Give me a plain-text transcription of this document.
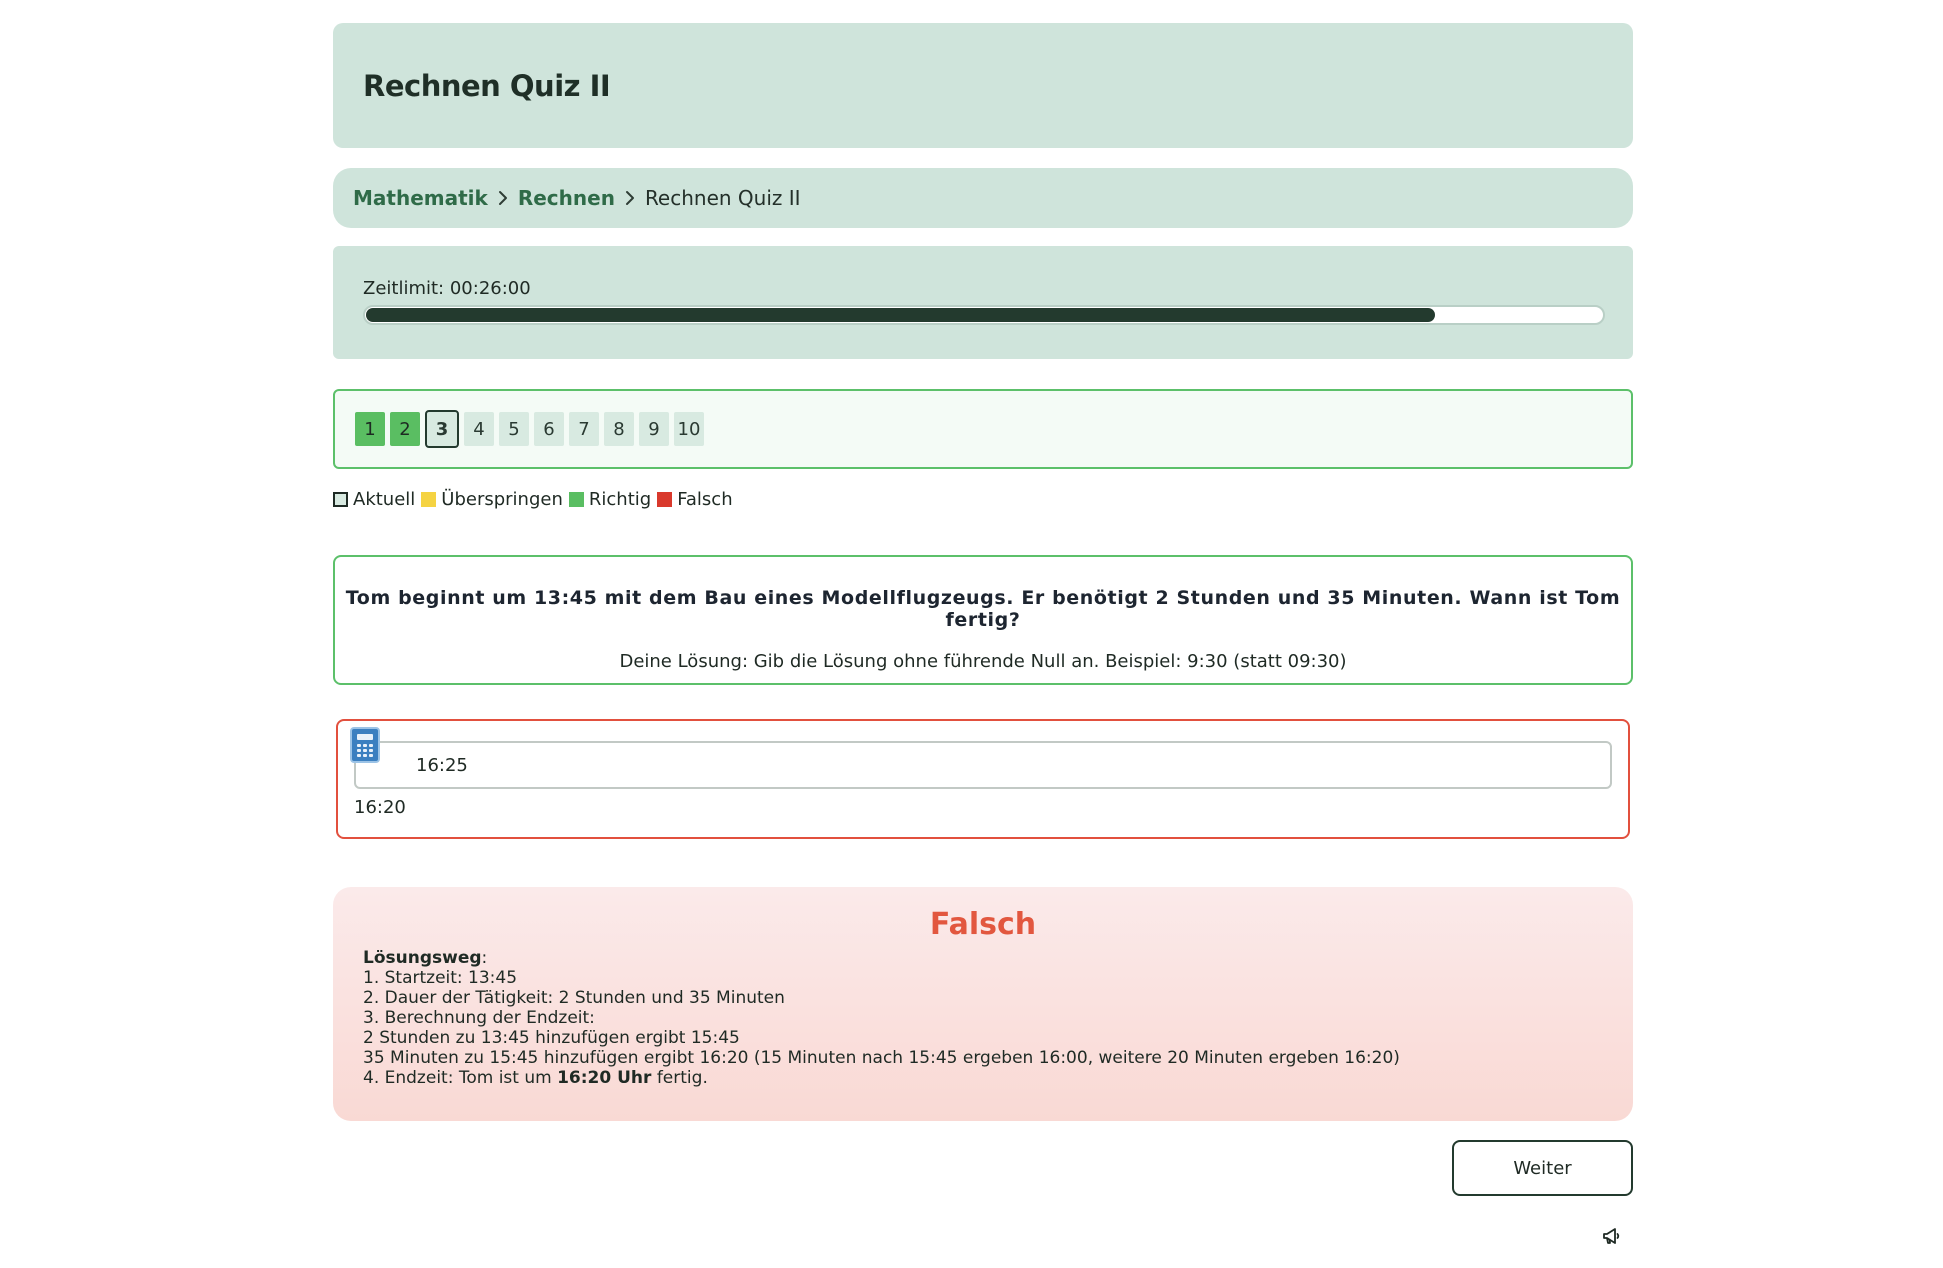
Rechnen Quiz II
Mathematik Rechnen Rechnen Quiz II
Zeitlimit: 00:26:00
1	2	3	4	5	6	7	8	9 10
Aktuell Überspringen Richtig Falsch
Tom beginnt um 13:45 mit dem Bau eines Modellflugzeugs. Er benötigt 2 Stunden und 35 Minuten. Wann ist Tom fertig?
Deine Lösung: Gib die Lösung ohne führende Null an. Beispiel: 9:30 (statt 09:30)
16:25
16:20
Falsch
Lösungsweg:
1. Startzeit: 13:45
2. Dauer der Tätigkeit: 2 Stunden und 35 Minuten
3. Berechnung der Endzeit:
2 Stunden zu 13:45 hinzufügen ergibt 15:45
35 Minuten zu 15:45 hinzufügen ergibt 16:20 (15 Minuten nach 15:45 ergeben 16:00, weitere 20 Minuten ergeben 16:20)
4. Endzeit: Tom ist um 16:20 Uhr fertig.
Weiter
